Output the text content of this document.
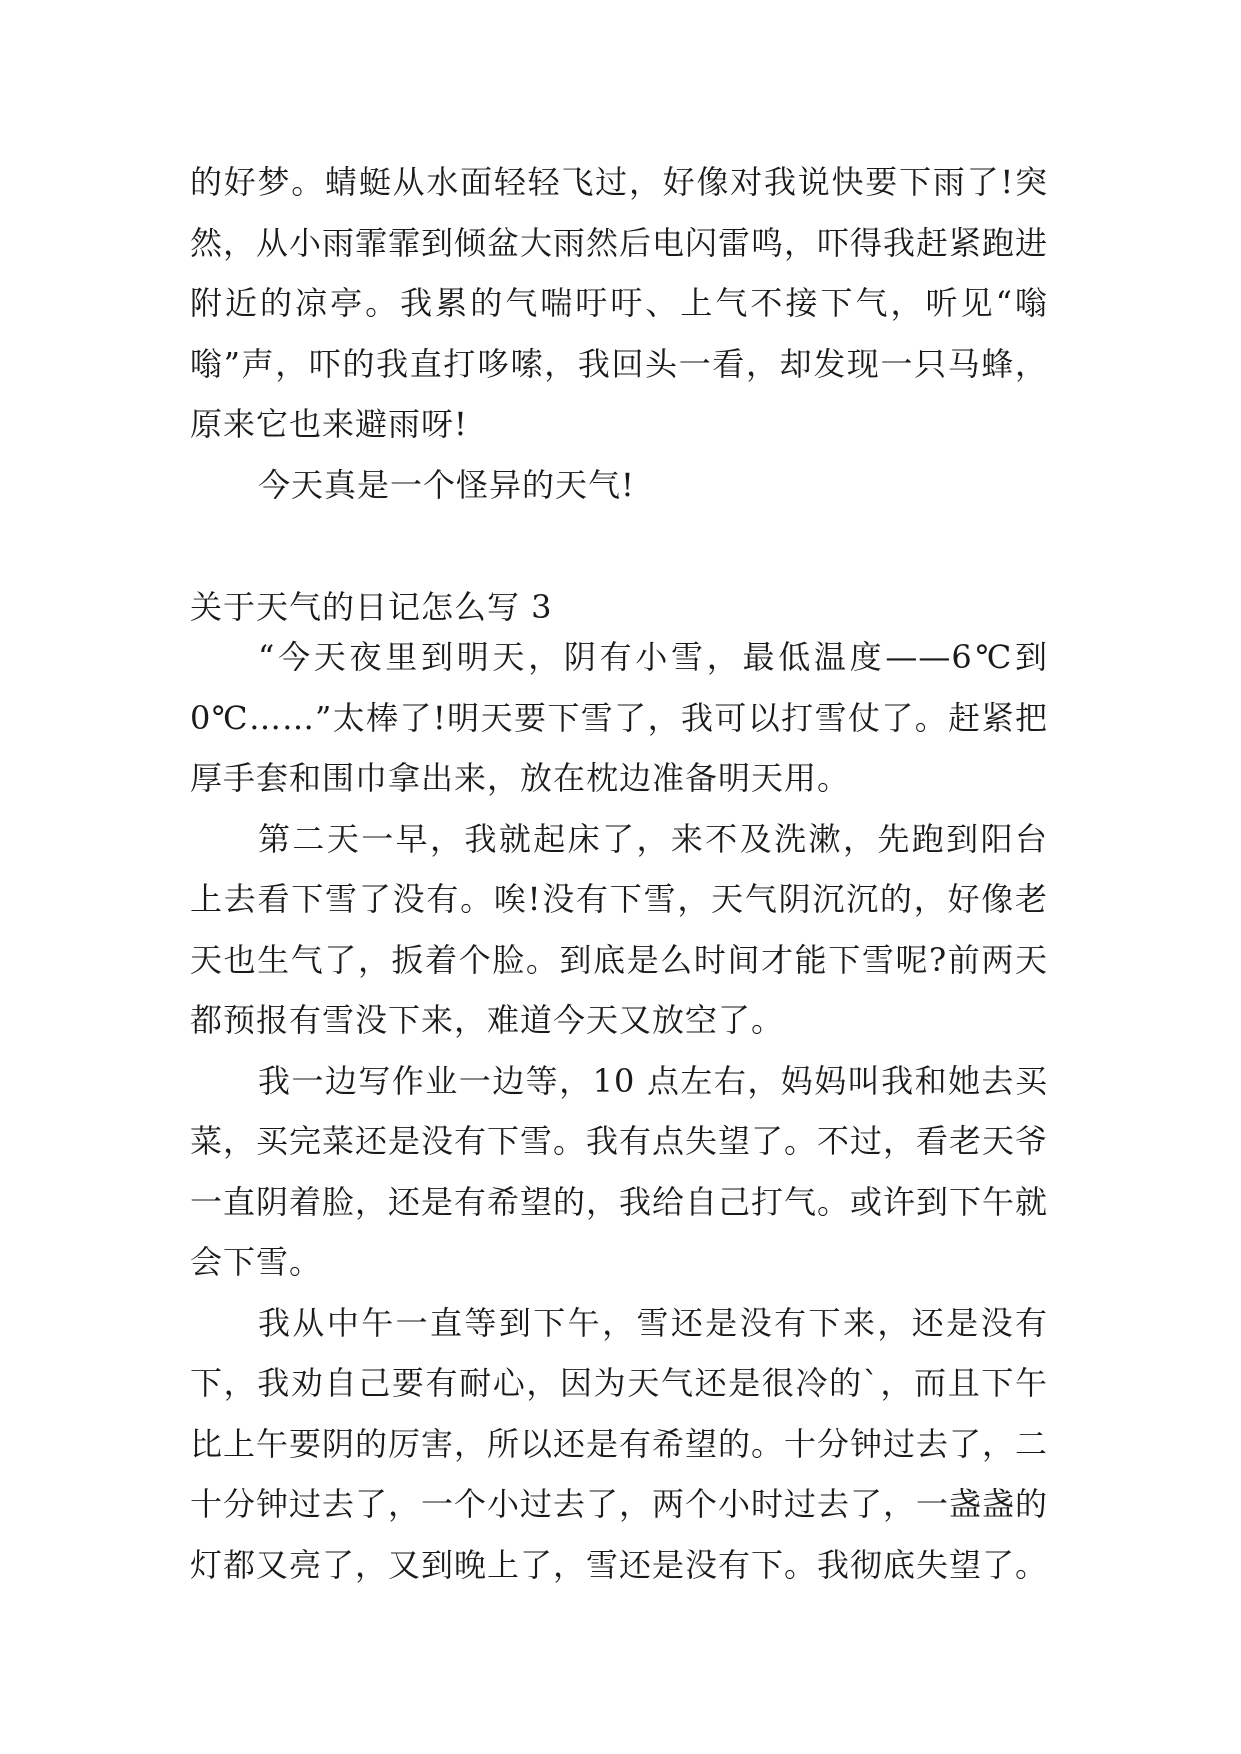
的好梦。蜻蜓从水面轻轻飞过，好像对我说快要下雨了!突然，从小雨霏霏到倾盆大雨然后电闪雷鸣，吓得我赶紧跑进附近的凉亭。我累的气喘吁吁、上气不接下气，听见“嗡嗡”声，吓的我直打哆嗦，我回头一看，却发现一只马蜂，原来它也来避雨呀!

今天真是一个怪异的天气!

关于天气的日记怎么写 3

“今天夜里到明天，阴有小雪，最低温度——6℃到0℃……”太棒了!明天要下雪了，我可以打雪仗了。赶紧把厚手套和围巾拿出来，放在枕边准备明天用。

第二天一早，我就起床了，来不及洗漱，先跑到阳台上去看下雪了没有。唉!没有下雪，天气阴沉沉的，好像老天也生气了，扳着个脸。到底是么时间才能下雪呢?前两天都预报有雪没下来，难道今天又放空了。

我一边写作业一边等，10 点左右，妈妈叫我和她去买菜，买完菜还是没有下雪。我有点失望了。不过，看老天爷一直阴着脸，还是有希望的，我给自己打气。或许到下午就会下雪。

我从中午一直等到下午，雪还是没有下来，还是没有下，我劝自己要有耐心，因为天气还是很冷的`，而且下午比上午要阴的厉害，所以还是有希望的。十分钟过去了，二十分钟过去了，一个小过去了，两个小时过去了，一盏盏的灯都又亮了，又到晚上了，雪还是没有下。我彻底失望了。
